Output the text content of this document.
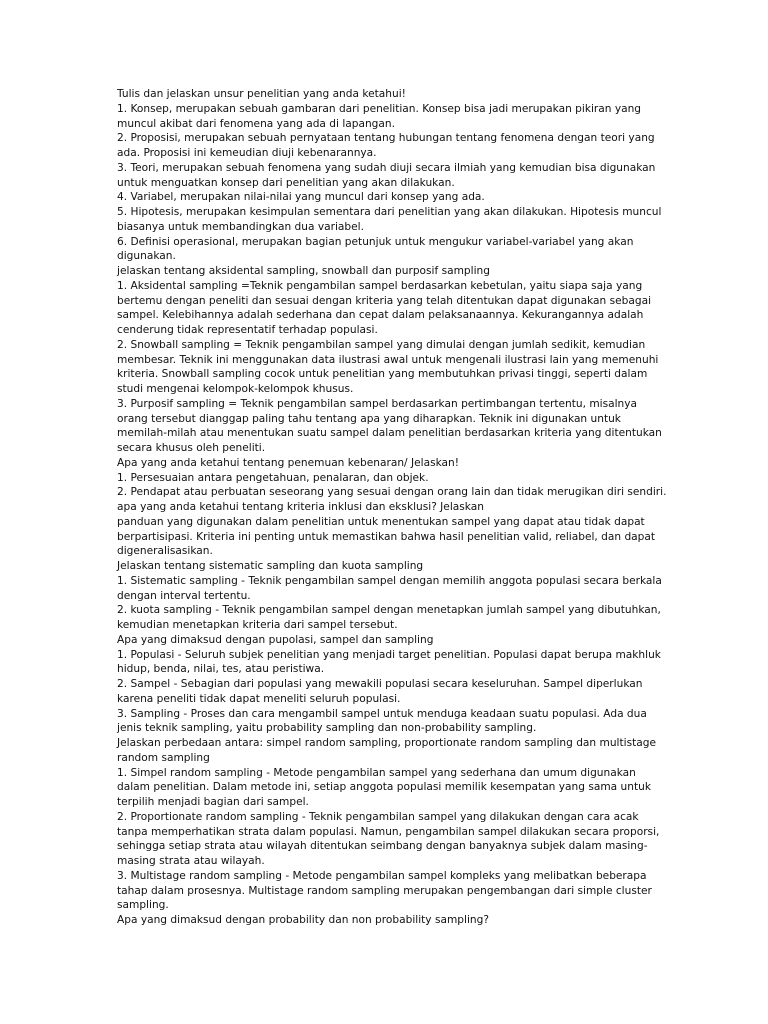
Tulis dan jelaskan unsur penelitian yang anda ketahui!
1. Konsep, merupakan sebuah gambaran dari penelitian. Konsep bisa jadi merupakan pikiran yang
muncul akibat dari fenomena yang ada di lapangan.
2. Proposisi, merupakan sebuah pernyataan tentang hubungan tentang fenomena dengan teori yang
ada. Proposisi ini kemeudian diuji kebenarannya.
3. Teori, merupakan sebuah fenomena yang sudah diuji secara ilmiah yang kemudian bisa digunakan
untuk menguatkan konsep dari penelitian yang akan dilakukan.
4. Variabel, merupakan nilai-nilai yang muncul dari konsep yang ada.
5. Hipotesis, merupakan kesimpulan sementara dari penelitian yang akan dilakukan. Hipotesis muncul
biasanya untuk membandingkan dua variabel.
6. Definisi operasional, merupakan bagian petunjuk untuk mengukur variabel-variabel yang akan
digunakan.
jelaskan tentang aksidental sampling, snowball dan purposif sampling
1. Aksidental sampling =Teknik pengambilan sampel berdasarkan kebetulan, yaitu siapa saja yang
bertemu dengan peneliti dan sesuai dengan kriteria yang telah ditentukan dapat digunakan sebagai
sampel. Kelebihannya adalah sederhana dan cepat dalam pelaksanaannya. Kekurangannya adalah
cenderung tidak representatif terhadap populasi.
2. Snowball sampling = Teknik pengambilan sampel yang dimulai dengan jumlah sedikit, kemudian
membesar. Teknik ini menggunakan data ilustrasi awal untuk mengenali ilustrasi lain yang memenuhi
kriteria. Snowball sampling cocok untuk penelitian yang membutuhkan privasi tinggi, seperti dalam
studi mengenai kelompok-kelompok khusus.
3. Purposif sampling = Teknik pengambilan sampel berdasarkan pertimbangan tertentu, misalnya
orang tersebut dianggap paling tahu tentang apa yang diharapkan. Teknik ini digunakan untuk
memilah-milah atau menentukan suatu sampel dalam penelitian berdasarkan kriteria yang ditentukan
secara khusus oleh peneliti.
Apa yang anda ketahui tentang penemuan kebenaran/ Jelaskan!
1. Persesuaian antara pengetahuan, penalaran, dan objek.
2. Pendapat atau perbuatan seseorang yang sesuai dengan orang lain dan tidak merugikan diri sendiri.
apa yang anda ketahui tentang kriteria inklusi dan eksklusi? Jelaskan
panduan yang digunakan dalam penelitian untuk menentukan sampel yang dapat atau tidak dapat
berpartisipasi. Kriteria ini penting untuk memastikan bahwa hasil penelitian valid, reliabel, dan dapat
digeneralisasikan.
Jelaskan tentang sistematic sampling dan kuota sampling
1. Sistematic sampling - Teknik pengambilan sampel dengan memilih anggota populasi secara berkala
dengan interval tertentu.
2. kuota sampling - Teknik pengambilan sampel dengan menetapkan jumlah sampel yang dibutuhkan,
kemudian menetapkan kriteria dari sampel tersebut.
Apa yang dimaksud dengan pupolasi, sampel dan sampling
1. Populasi - Seluruh subjek penelitian yang menjadi target penelitian. Populasi dapat berupa makhluk
hidup, benda, nilai, tes, atau peristiwa.
2. Sampel - Sebagian dari populasi yang mewakili populasi secara keseluruhan. Sampel diperlukan
karena peneliti tidak dapat meneliti seluruh populasi.
3. Sampling - Proses dan cara mengambil sampel untuk menduga keadaan suatu populasi. Ada dua
jenis teknik sampling, yaitu probability sampling dan non-probability sampling.
Jelaskan perbedaan antara: simpel random sampling, proportionate random sampling dan multistage
random sampling
1. Simpel random sampling - Metode pengambilan sampel yang sederhana dan umum digunakan
dalam penelitian. Dalam metode ini, setiap anggota populasi memilik kesempatan yang sama untuk
terpilih menjadi bagian dari sampel.
2. Proportionate random sampling - Teknik pengambilan sampel yang dilakukan dengan cara acak
tanpa memperhatikan strata dalam populasi. Namun, pengambilan sampel dilakukan secara proporsi,
sehingga setiap strata atau wilayah ditentukan seimbang dengan banyaknya subjek dalam masing-
masing strata atau wilayah.
3. Multistage random sampling - Metode pengambilan sampel kompleks yang melibatkan beberapa
tahap dalam prosesnya. Multistage random sampling merupakan pengembangan dari simple cluster
sampling.
Apa yang dimaksud dengan probability dan non probability sampling?
